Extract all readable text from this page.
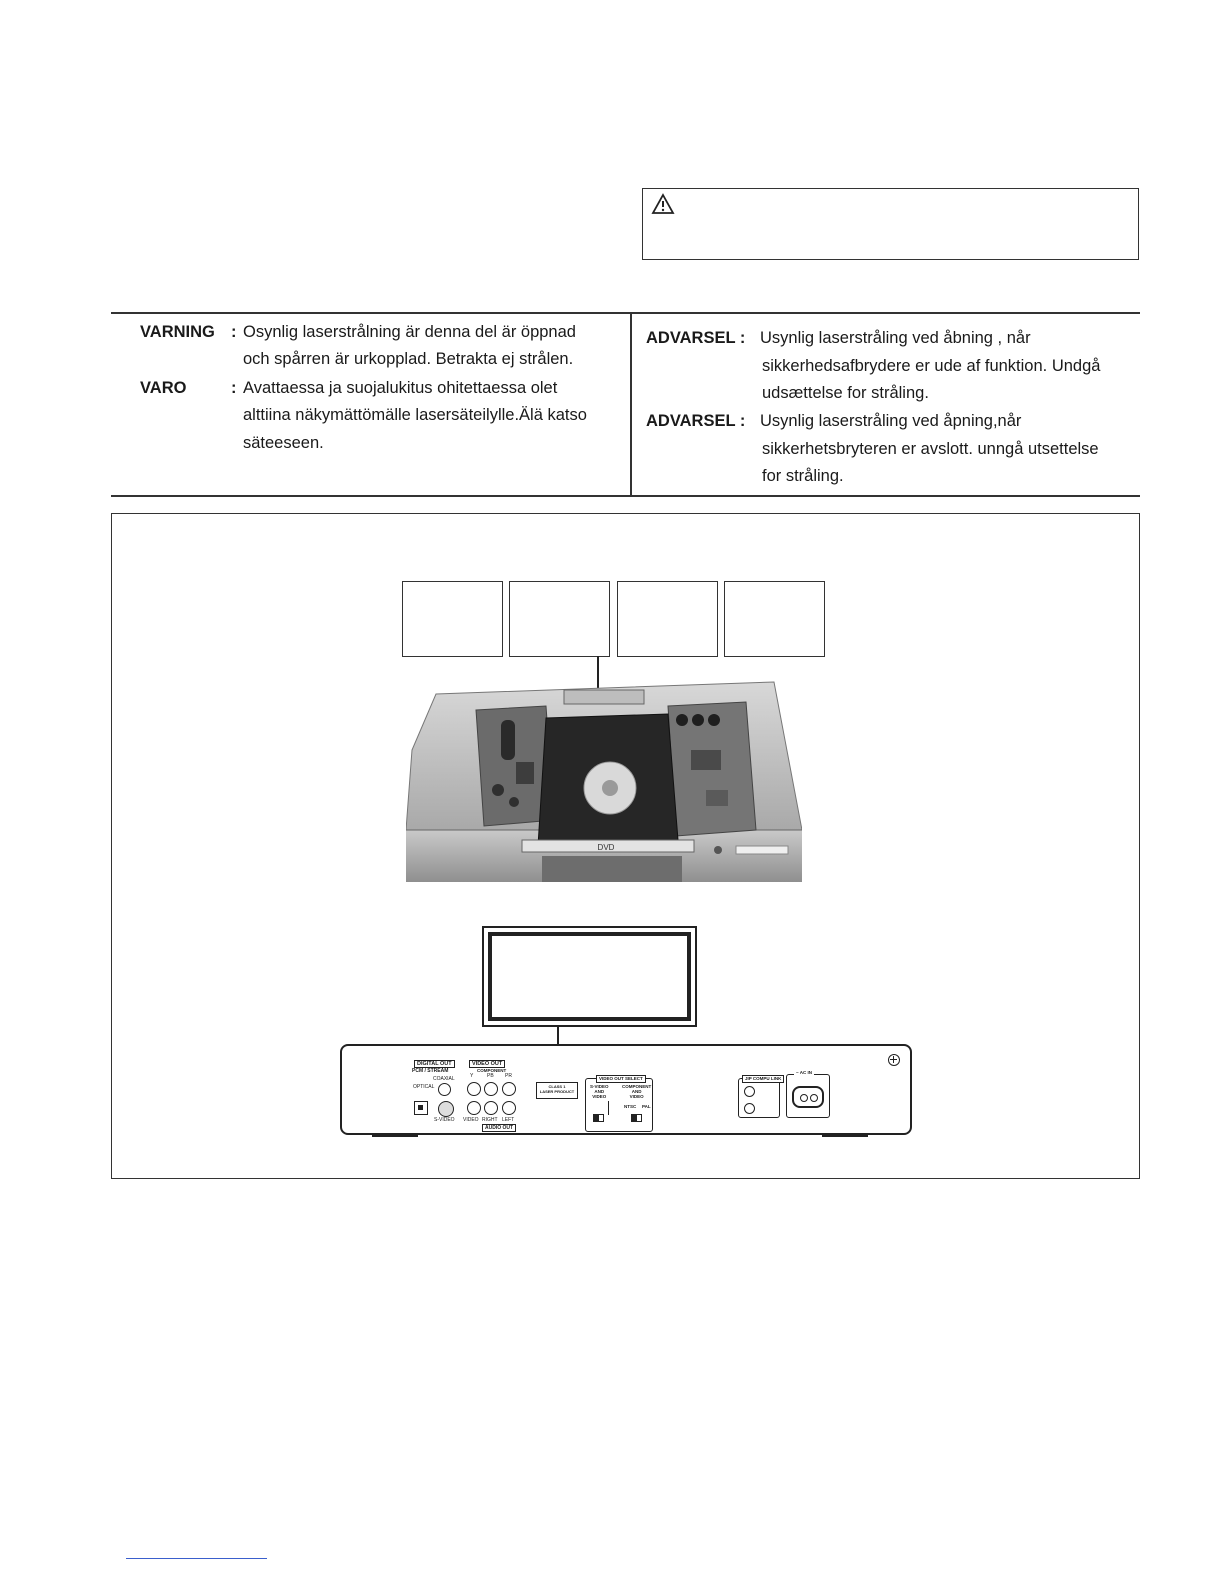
VARNING : Osynlig laserstrålning är denna del är öppnad
och spårren är urkopplad. Betrakta ej strålen.
VARO	: Avattaessa ja suojalukitus ohitettaessa olet
alttiina näkymättömälle lasersäteilylle.Älä katso
säteeseen.
ADVARSEL : Usynlig laserstråling ved åbning , når
sikkerhedsafbrydere er ude af funktion. Undgå
udsættelse for stråling.
ADVARSEL : Usynlig laserstråling ved åpning,når
sikkerhetsbryteren er avslott. unngå utsettelse
for stråling.
DVD
DIGITAL OUT
PCM / STREAM
COAXIAL
OPTICAL
VIDEO OUT
COMPONENT
Y	PB PR
S-VIDEO VIDEO RIGHT LEFT
AUDIO OUT
CLASS 1
LASER PRODUCT
VIDEO OUT SELECT
S-VIDEO
AND
VIDEO
COMPONENT
AND
VIDEO
NTSC PAL
JIP COMPU LINK
~ AC IN
